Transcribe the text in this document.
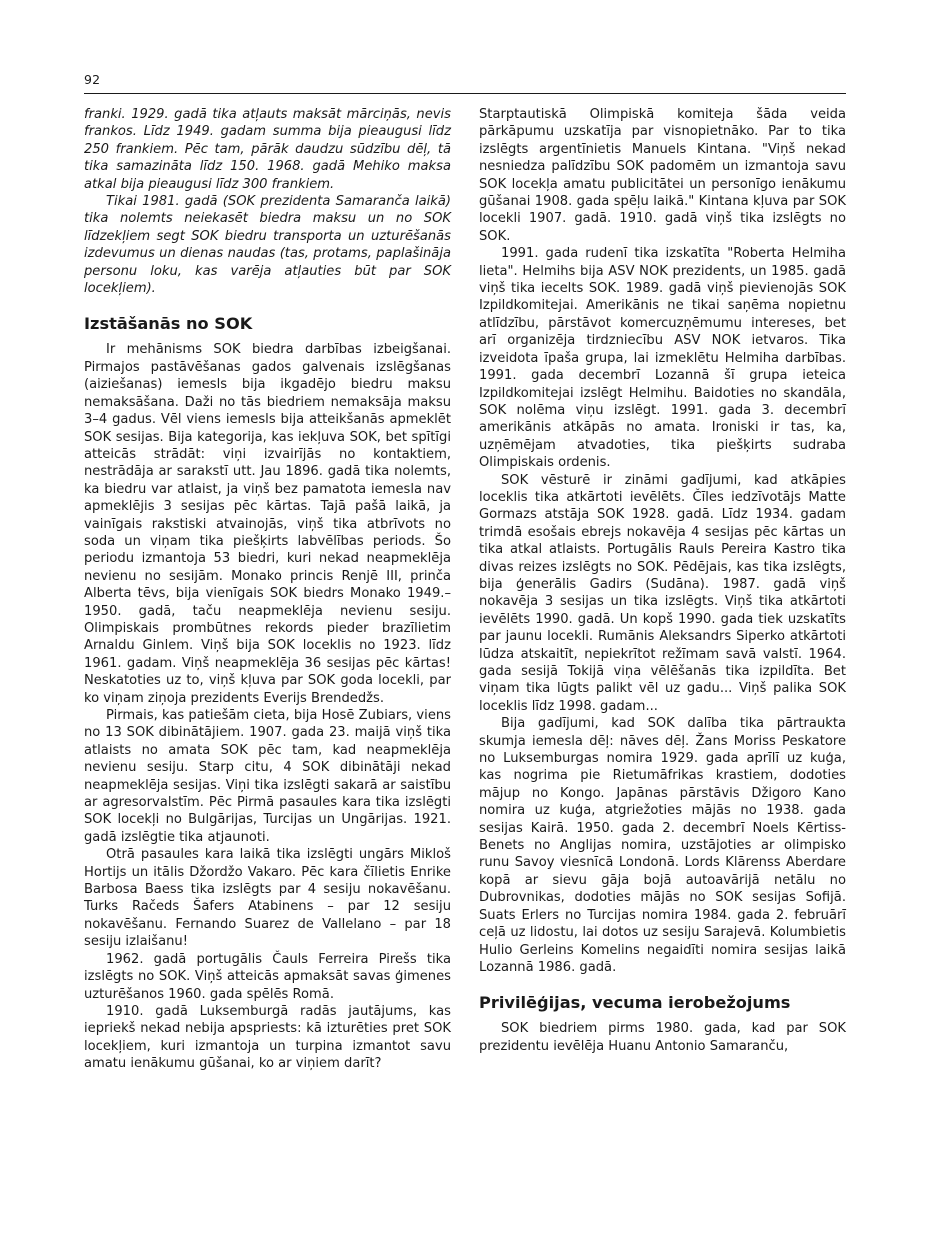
92

franki. 1929. gadā tika atļauts maksāt mārciņās, nevis frankos. Līdz 1949. gadam summa bija pieaugusi līdz 250 frankiem. Pēc tam, pārāk daudzu sūdzību dēļ, tā tika samazināta līdz 150. 1968. gadā Mehiko maksa atkal bija pieaugusi līdz 300 frankiem.

Tikai 1981. gadā (SOK prezidenta Samaranča laikā) tika nolemts neiekasēt biedra maksu un no SOK līdzekļiem segt SOK biedru transporta un uzturēšanās izdevumus un dienas naudas (tas, protams, paplašināja personu loku, kas varēja atļauties būt par SOK locekļiem).

Izstāšanās no SOK

Ir mehānisms SOK biedra darbības izbeigšanai. Pirmajos pastāvēšanas gados galvenais izslēgšanas (aiziešanas) iemesls bija ikgadējo biedru maksu nemaksāšana. Daži no tās biedriem nemaksāja maksu 3–4 gadus. Vēl viens iemesls bija atteikšanās apmeklēt SOK sesijas. Bija kategorija, kas iekļuva SOK, bet spītīgi atteicās strādāt: viņi izvairījās no kontaktiem, nestrādāja ar sarakstī utt. Jau 1896. gadā tika nolemts, ka biedru var atlaist, ja viņš bez pamatota iemesla nav apmeklējis 3 sesijas pēc kārtas. Tajā pašā laikā, ja vainīgais rakstiski atvainojās, viņš tika atbrīvots no soda un viņam tika piešķirts labvēlības periods. Šo periodu izmantoja 53 biedri, kuri nekad neapmeklēja nevienu no sesijām. Monako princis Renjē III, prinča Alberta tēvs, bija vienīgais SOK biedrs Monako 1949.–1950. gadā, taču neapmeklēja nevienu sesiju. Olimpiskais prombūtnes rekords pieder brazīlietim Arnaldu Ginlem. Viņš bija SOK loceklis no 1923. līdz 1961. gadam. Viņš neapmeklēja 36 sesijas pēc kārtas! Neskatoties uz to, viņš kļuva par SOK goda locekli, par ko viņam ziņoja prezidents Everijs Brendedžs.

Pirmais, kas patiešām cieta, bija Hosē Zubiars, viens no 13 SOK dibinātājiem. 1907. gada 23. maijā viņš tika atlaists no amata SOK pēc tam, kad neapmeklēja nevienu sesiju. Starp citu, 4 SOK dibinātāji nekad neapmeklēja sesijas. Viņi tika izslēgti sakarā ar saistību ar agresorvalstīm. Pēc Pirmā pasaules kara tika izslēgti SOK locekļi no Bulgārijas, Turcijas un Ungārijas. 1921. gadā izslēgtie tika atjaunoti.

Otrā pasaules kara laikā tika izslēgti ungārs Mikloš Hortijs un itālis Džordžo Vakaro. Pēc kara čīlietis Enrike Barbosa Baess tika izslēgts par 4 sesiju nokavēšanu. Turks Račeds Šafers Atabinens – par 12 sesiju nokavēšanu. Fernando Suarez de Vallelano – par 18 sesiju izlaišanu!

1962. gadā portugālis Čauls Ferreira Pirešs tika izslēgts no SOK. Viņš atteicās apmaksāt savas ģimenes uzturēšanos 1960. gada spēlēs Romā.

1910. gadā Luksemburgā radās jautājums, kas iepriekš nekad nebija apspriests: kā izturēties pret SOK locekļiem, kuri izmantoja un turpina izmantot savu amatu ienākumu gūšanai, ko ar viņiem darīt?

Starptautiskā Olimpiskā komiteja šāda veida pārkāpumu uzskatīja par visnopietnāko. Par to tika izslēgts argentīnietis Manuels Kintana. "Viņš nekad nesniedza palīdzību SOK padomēm un izmantoja savu SOK locekļa amatu publicitātei un personīgo ienākumu gūšanai 1908. gada spēļu laikā." Kintana kļuva par SOK locekli 1907. gadā. 1910. gadā viņš tika izslēgts no SOK.

1991. gada rudenī tika izskatīta "Roberta Helmiha lieta". Helmihs bija ASV NOK prezidents, un 1985. gadā viņš tika iecelts SOK. 1989. gadā viņš pievienojās SOK Izpildkomitejai. Amerikānis ne tikai saņēma nopietnu atlīdzību, pārstāvot komercuzņēmumu intereses, bet arī organizēja tirdzniecību ASV NOK ietvaros. Tika izveidota īpaša grupa, lai izmeklētu Helmiha darbības. 1991. gada decembrī Lozannā šī grupa ieteica Izpildkomitejai izslēgt Helmihu. Baidoties no skandāla, SOK nolēma viņu izslēgt. 1991. gada 3. decembrī amerikānis atkāpās no amata. Ironiski ir tas, ka, uzņēmējam atvadoties, tika piešķirts sudraba Olimpiskais ordenis.

SOK vēsturē ir zināmi gadījumi, kad atkāpies loceklis tika atkārtoti ievēlēts. Čīles iedzīvotājs Matte Gormazs atstāja SOK 1928. gadā. Līdz 1934. gadam trimdā esošais ebrejs nokavēja 4 sesijas pēc kārtas un tika atkal atlaists. Portugālis Rauls Pereira Kastro tika divas reizes izslēgts no SOK. Pēdējais, kas tika izslēgts, bija ģenerālis Gadirs (Sudāna). 1987. gadā viņš nokavēja 3 sesijas un tika izslēgts. Viņš tika atkārtoti ievēlēts 1990. gadā. Un kopš 1990. gada tiek uzskatīts par jaunu locekli. Rumānis Aleksandrs Siperko atkārtoti lūdza atskaitīt, nepiekrītot režīmam savā valstī. 1964. gada sesijā Tokijā viņa vēlēšanās tika izpildīta. Bet viņam tika lūgts palikt vēl uz gadu... Viņš palika SOK loceklis līdz 1998. gadam...

Bija gadījumi, kad SOK dalība tika pārtraukta skumja iemesla dēļ: nāves dēļ. Žans Moriss Peskatore no Luksemburgas nomira 1929. gada aprīlī uz kuģa, kas nogrima pie Rietumāfrikas krastiem, dodoties mājup no Kongo. Japānas pārstāvis Džigoro Kano nomira uz kuģa, atgriežoties mājās no 1938. gada sesijas Kairā. 1950. gada 2. decembrī Noels Kērtiss-Benets no Anglijas nomira, uzstājoties ar olimpisko runu Savoy viesnīcā Londonā. Lords Klārenss Aberdare kopā ar sievu gāja bojā autoavārijā netālu no Dubrovnikas, dodoties mājās no SOK sesijas Sofijā. Suats Erlers no Turcijas nomira 1984. gada 2. februārī ceļā uz lidostu, lai dotos uz sesiju Sarajevā. Kolumbietis Hulio Gerleins Komelins negaidīti nomira sesijas laikā Lozannā 1986. gadā.

Privilēģijas, vecuma ierobežojums

SOK biedriem pirms 1980. gada, kad par SOK prezidentu ievēlēja Huanu Antonio Samaranču,
